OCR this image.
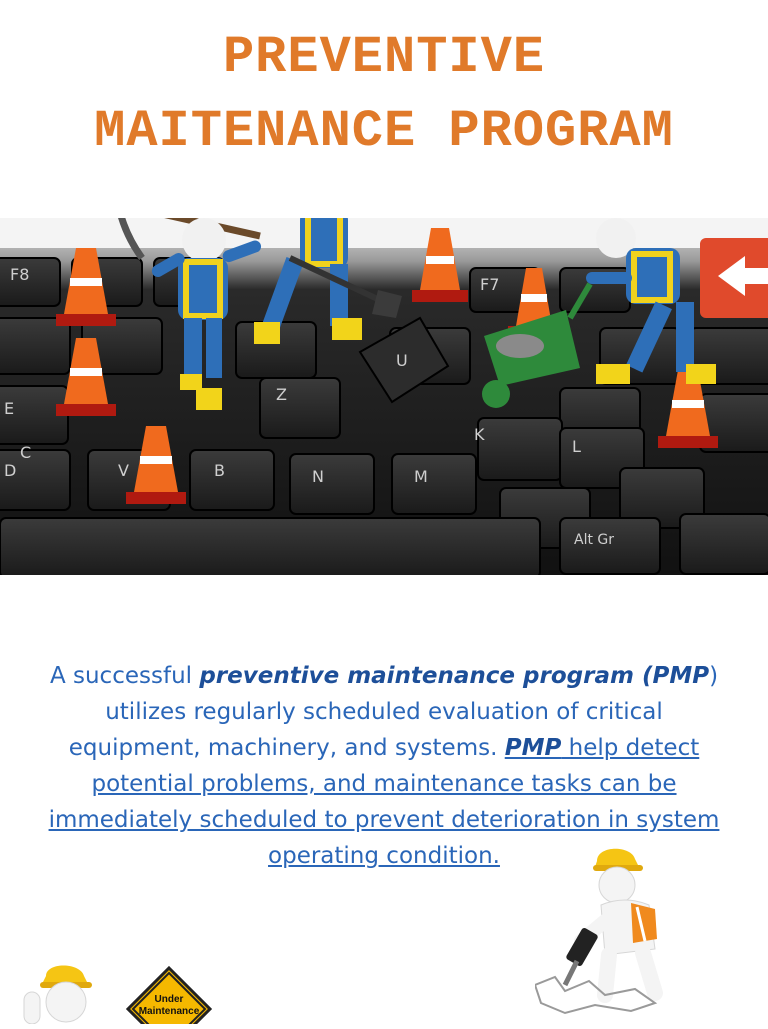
PREVENTIVE
MAITENANCE PROGRAM
F8
F7
U
E
Z
D
C
V	B	N	M
K
L
Alt Gr
A successful preventive maintenance program (PMP) utilizes regularly scheduled evaluation of critical equipment, machinery, and systems. PMP help detect potential problems, and maintenance tasks can be immediately scheduled to prevent deterioration in system operating condition.
Under
Maintenance
